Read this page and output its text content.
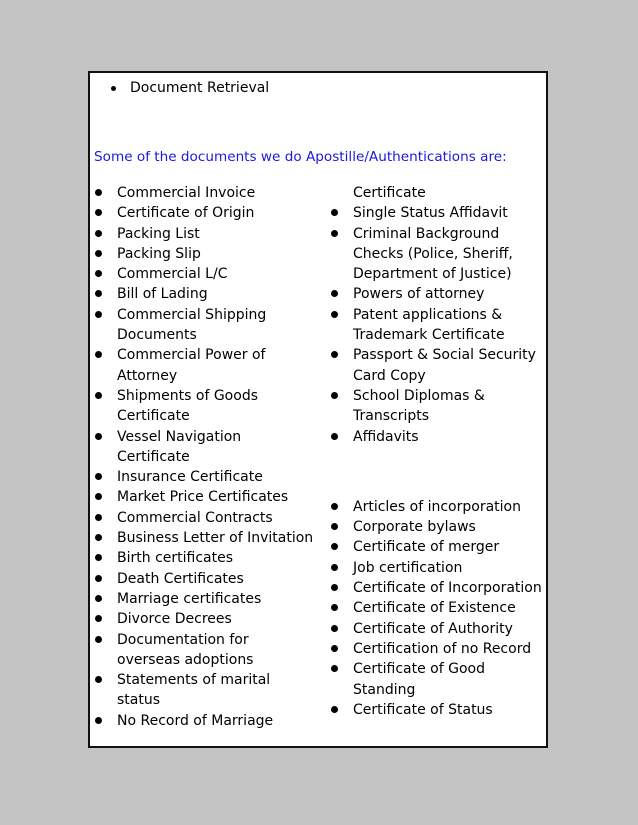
Document Retrieval
Some of the documents we do Apostille/Authentications are:
Commercial Invoice
Certificate of Origin
Packing List
Packing Slip
Commercial L/C
Bill of Lading
Commercial Shipping Documents
Commercial Power of Attorney
Shipments of Goods Certificate
Vessel Navigation Certificate
Insurance Certificate
Market Price Certificates
Commercial Contracts
Business Letter of Invitation
Birth certificates
Death Certificates
Marriage certificates
Divorce Decrees
Documentation for overseas adoptions
Statements of marital status
No Record of Marriage
Certificate
Single Status Affidavit
Criminal Background Checks (Police, Sheriff, Department of Justice)
Powers of attorney
Patent applications & Trademark Certificate
Passport & Social Security Card Copy
School Diplomas & Transcripts
Affidavits
Articles of incorporation
Corporate bylaws
Certificate of merger
Job certification
Certificate of Incorporation
Certificate of Existence
Certificate of Authority
Certification of no Record
Certificate of Good Standing
Certificate of Status
